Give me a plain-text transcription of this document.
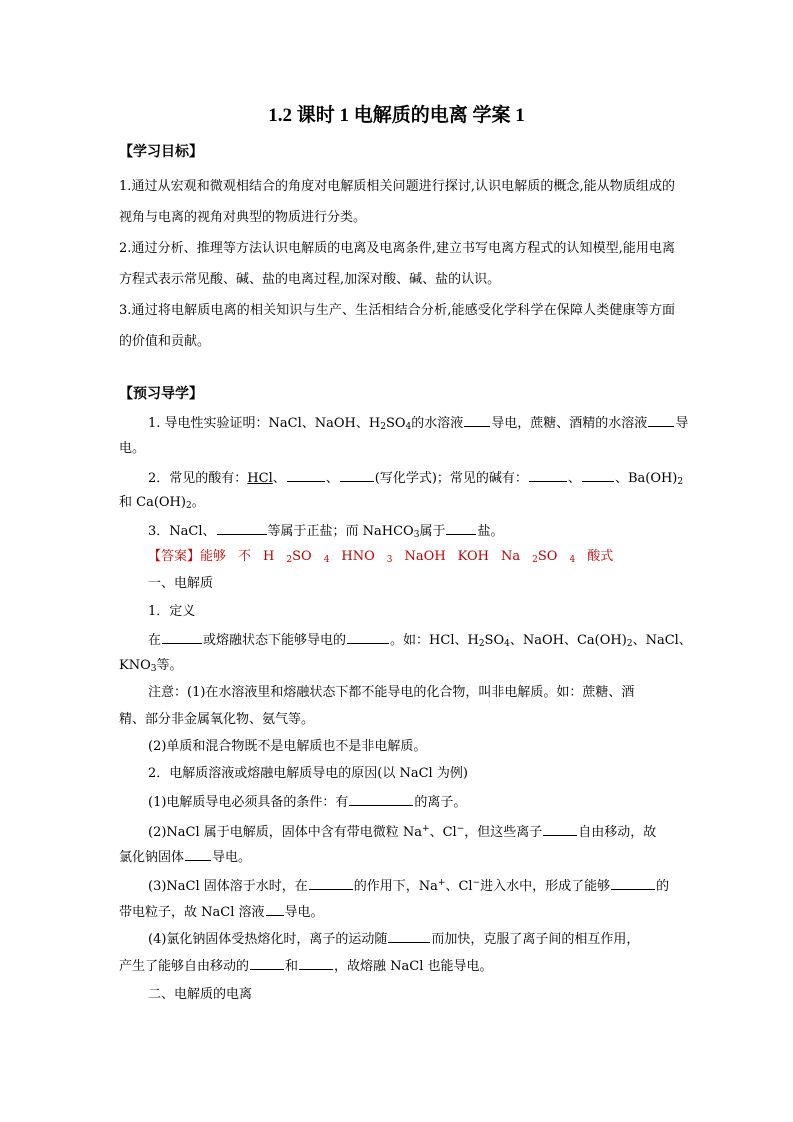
1.2 课时 1 电解质的电离 学案 1

【学习目标】

1.通过从宏观和微观相结合的角度对电解质相关问题进行探讨,认识电解质的概念,能从物质组成的视角与电离的视角对典型的物质进行分类。

2.通过分析、推理等方法认识电解质的电离及电离条件,建立书写电离方程式的认知模型,能用电离方程式表示常见酸、碱、盐的电离过程,加深对酸、碱、盐的认识。

3.通过将电解质电离的相关知识与生产、生活相结合分析,能感受化学科学在保障人类健康等方面的价值和贡献。

【预习导学】

1. 导电性实验证明：NaCl、NaOH、$H_2SO_4$的水溶液 导电，蔗糖、酒精的水溶液 导

电。

2．常见的酸有：HCl、	、	(写化学式)；常见的碱有：	、	、$Ba(OH)_2$

和 $Ca(OH)_2$。

3．NaCl、	等属于正盐；而 NaHCO$_3$属于 盐。

【答案】能够 不 H $_2$SO $_4$ HNO $_3$ NaOH KOH Na $_2$SO $_4$ 酸式

一、电解质

1．定义

在	或熔融状态下能够导电的	。如：HCl、$H_2SO_4$、NaOH、$Ca(OH)_2$、NaCl、

$KNO_3$等。

注意：(1)在水溶液里和熔融状态下都不能导电的化合物，叫非电解质。如：蔗糖、酒

精、部分非金属氧化物、氨气等。

(2)单质和混合物既不是电解质也不是非电解质。

2．电解质溶液或熔融电解质导电的原因(以 NaCl 为例)

(1)电解质导电必须具备的条件：有	的离子。

(2)NaCl 属于电解质，固体中含有带电微粒 Na+、Cl−，但这些离子	自由移动，故

氯化钠固体 导电。

(3)NaCl 固体溶于水时，在	的作用下，Na+、Cl−进入水中，形成了能够	的

带电粒子，故 NaCl 溶液 导电。

(4)氯化钠固体受热熔化时，离子的运动随	而加快，克服了离子间的相互作用，

产生了能够自由移动的	和	，故熔融 NaCl 也能导电。

二、电解质的电离
